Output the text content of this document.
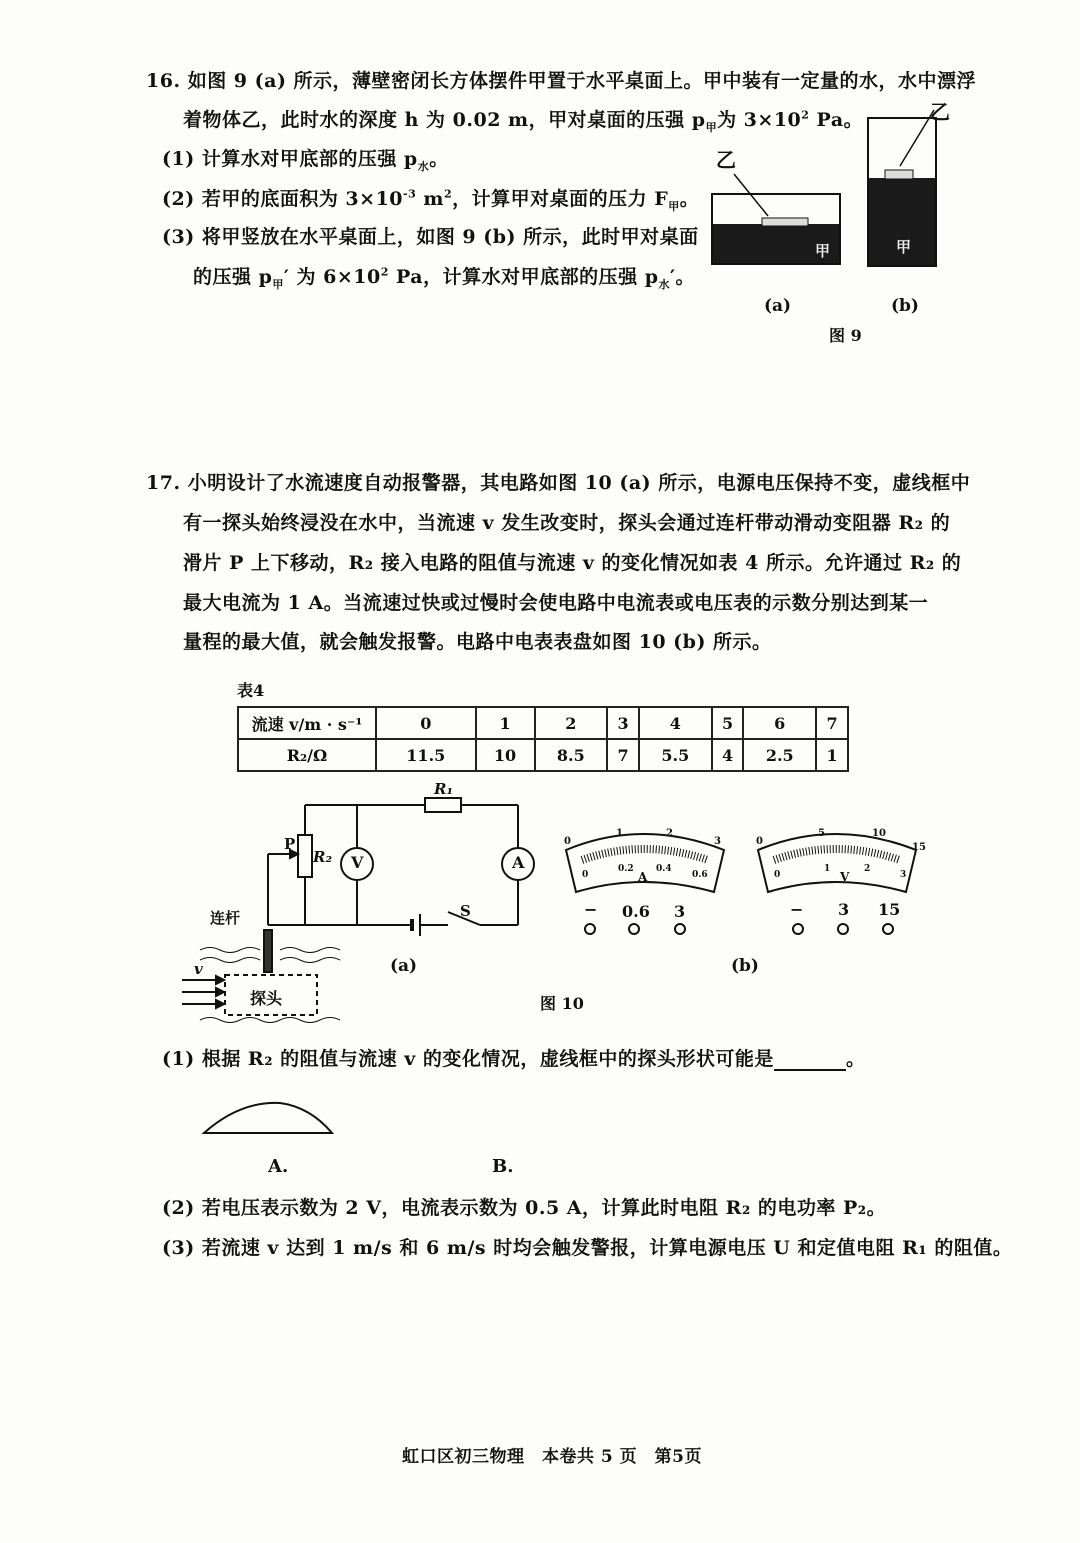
16. 如图 9 (a) 所示，薄壁密闭长方体摆件甲置于水平桌面上。甲中装有一定量的水，水中漂浮
着物体乙，此时水的深度 h 为 0.02 m，甲对桌面的压强 $p_甲$为 $3\times 10^2$ Pa。
(1) 计算水对甲底部的压强 $p_水$。
(2) 若甲的底面积为 $3\times 10^{-3}$ $m^2$，计算甲对桌面的压力 $F_甲$。
(3) 将甲竖放在水平桌面上，如图 9 (b) 所示，此时甲对桌面
的压强 $p_甲'$ 为 $6\times 10^2$ Pa，计算水对甲底部的压强 $p_水'$。
乙
乙
甲	甲
(a)	(b)
图 9
17. 小明设计了水流速度自动报警器，其电路如图 10 (a) 所示，电源电压保持不变，虚线框中
有一探头始终浸没在水中，当流速 v 发生改变时，探头会通过连杆带动滑动变阻器 R₂ 的
滑片 P 上下移动，R₂ 接入电路的阻值与流速 v 的变化情况如表 4 所示。允许通过 R₂ 的
最大电流为 1 A。当流速过快或过慢时会使电路中电流表或电压表的示数分别达到某一
量程的最大值，就会触发报警。电路中电表表盘如图 10 (b) 所示。
表4
流速 v/m · s⁻¹	0	1	2	3	4	5	6	7
R₂/Ω	11.5	10	8.5	7	5.5	4	2.5	1
R₁
R₂
P
V	A
S
连杆
v
探头
(a)
0
1	2
3
0
0.2 0.4
0.6
A
0
5	10
15
0
1	2
3
V
− 0.6 3	− 3 15
(b)
图 10
(1) 根据 R₂ 的阻值与流速 v 的变化情况，虚线框中的探头形状可能是	。
A.	B.
(2) 若电压表示数为 2 V，电流表示数为 0.5 A，计算此时电阻 R₂ 的电功率 P₂。
(3) 若流速 v 达到 1 m/s 和 6 m/s 时均会触发警报，计算电源电压 U 和定值电阻 R₁ 的阻值。
虹口区初三物理　本卷共 5 页　第5页
